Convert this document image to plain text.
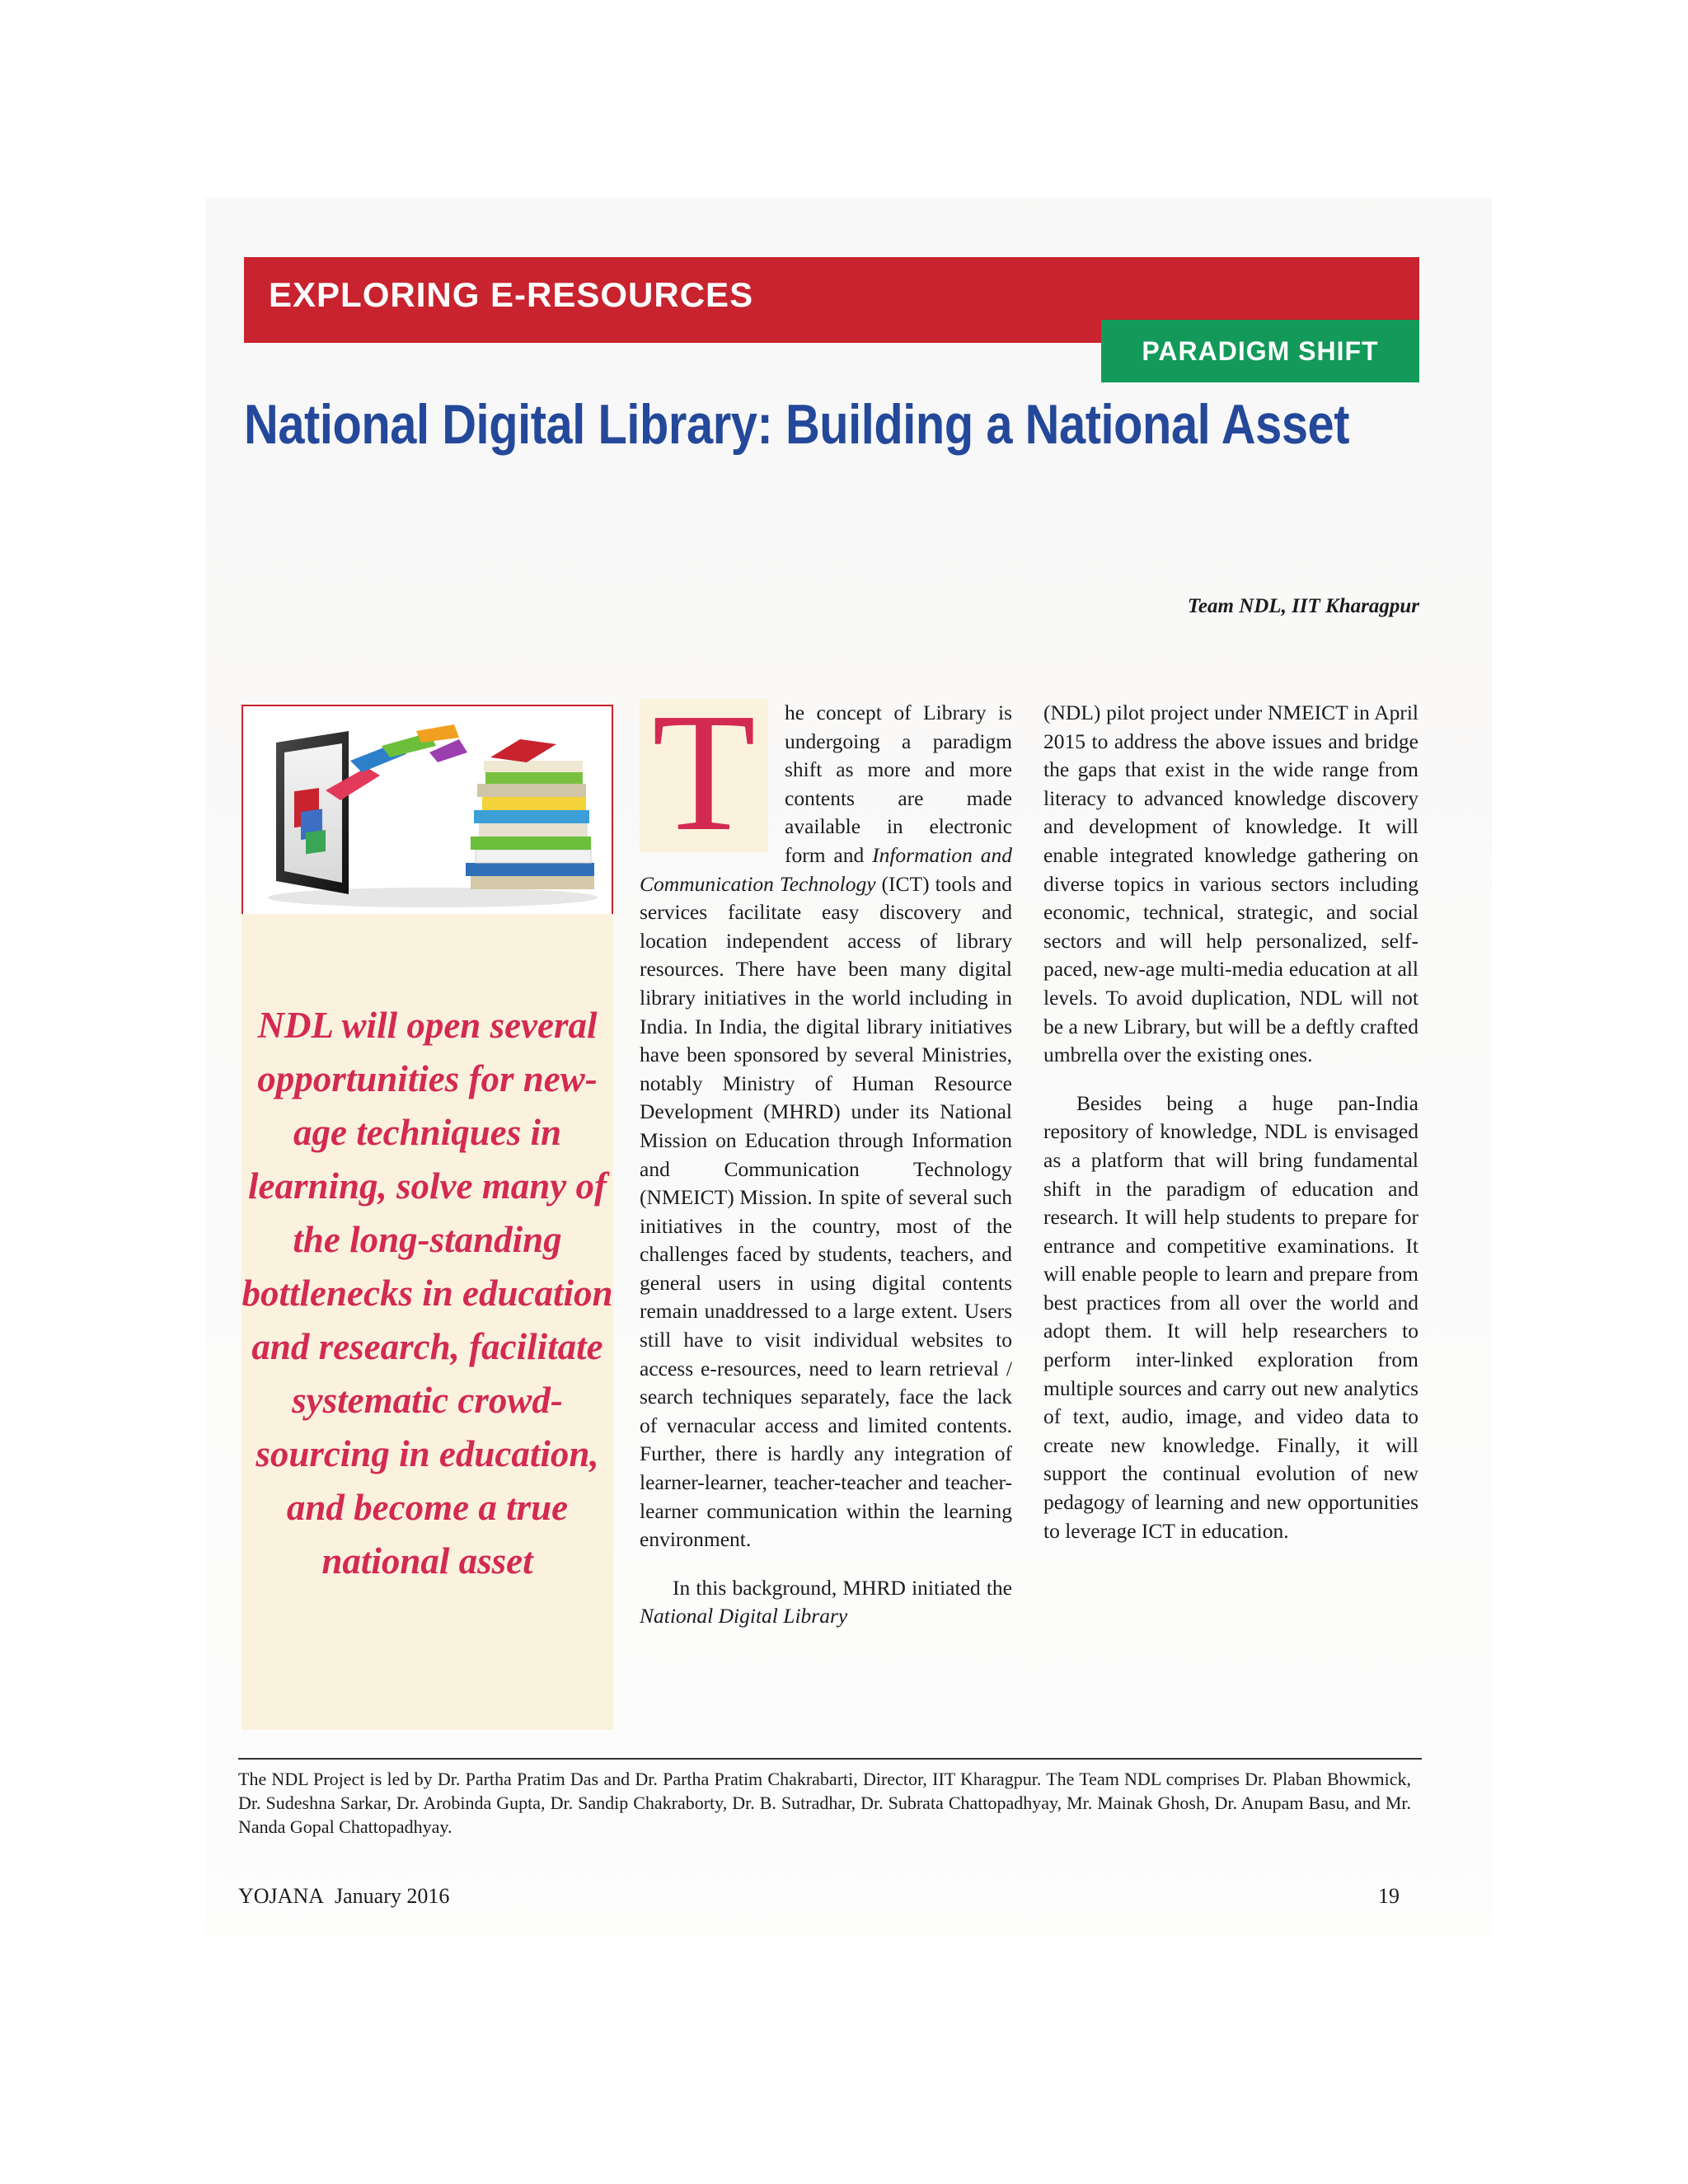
EXPLORING E-RESOURCES
PARADIGM SHIFT
National Digital Library: Building a National Asset
Team NDL, IIT Kharagpur
NDL will open several opportunities for new-age techniques in learning, solve many of the long-standing bottlenecks in education and research, facilitate systematic crowd-sourcing in education, and become a true national asset
T	he concept of Library is undergoing a paradigm shift as more and more contents are made available in electronic form and Information and Communication Technology (ICT) tools and services facilitate easy discovery and location independent access of library resources. There have been many digital library initiatives in the world including in India. In India, the digital library initiatives have been sponsored by several Ministries, notably Ministry of Human Resource Development (MHRD) under its National Mission on Education through Information and Communication Technology (NMEICT) Mission. In spite of several such initiatives in the country, most of the challenges faced by students, teachers, and general users in using digital contents remain unaddressed to a large extent. Users still have to visit individual websites to access e-resources, need to learn retrieval / search techniques separately, face the lack of vernacular access and limited contents. Further, there is hardly any integration of learner-learner, teacher-teacher and teacher-learner communication within the learning environment.

In this background, MHRD initiated the National Digital Library

(NDL) pilot project under NMEICT in April 2015 to address the above issues and bridge the gaps that exist in the wide range from literacy to advanced knowledge discovery and development of knowledge. It will enable integrated knowledge gathering on diverse topics in various sectors including economic, technical, strategic, and social sectors and will help personalized, self-paced, new-age multi-media education at all levels. To avoid duplication, NDL will not be a new Library, but will be a deftly crafted umbrella over the existing ones.

Besides being a huge pan-India repository of knowledge, NDL is envisaged as a platform that will bring fundamental shift in the paradigm of education and research. It will help students to prepare for entrance and competitive examinations. It will enable people to learn and prepare from best practices from all over the world and adopt them. It will help researchers to perform inter-linked exploration from multiple sources and carry out new analytics of text, audio, image, and video data to create new knowledge. Finally, it will support the continual evolution of new pedagogy of learning and new opportunities to leverage ICT in education.

The NDL Project is led by Dr. Partha Pratim Das and Dr. Partha Pratim Chakrabarti, Director, IIT Kharagpur. The Team NDL comprises Dr. Plaban Bhowmick, Dr. Sudeshna Sarkar, Dr. Arobinda Gupta, Dr. Sandip Chakraborty, Dr. B. Sutradhar, Dr. Subrata Chattopadhyay, Mr. Mainak Ghosh, Dr. Anupam Basu, and Mr. Nanda Gopal Chattopadhyay.
YOJANA January 2016	19
